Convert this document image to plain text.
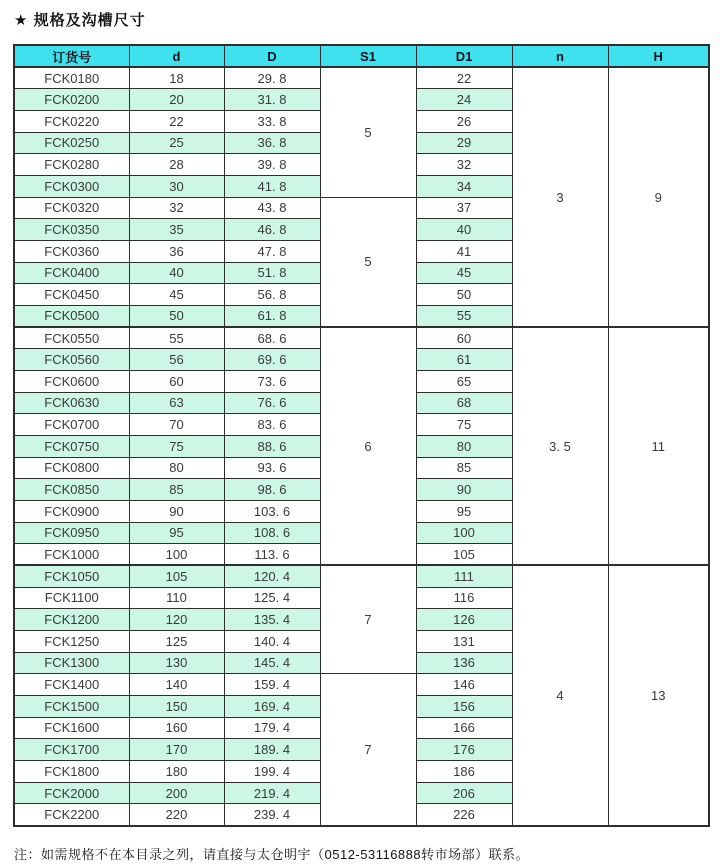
★ 规格及沟槽尺寸
订货号	d	D	S1	D1	n	H
FCK0180	18	29. 8	5	22	3	9
FCK0200	20	31. 8		24		
FCK0220	22	33. 8		26		
FCK0250	25	36. 8		29		
FCK0280	28	39. 8		32		
FCK0300	30	41. 8		34		
FCK0320	32	43. 8	5	37		
FCK0350	35	46. 8		40		
FCK0360	36	47. 8		41		
FCK0400	40	51. 8		45		
FCK0450	45	56. 8		50		
FCK0500	50	61. 8		55		
FCK0550	55	68. 6	6	60	3. 5	11
FCK0560	56	69. 6		61		
FCK0600	60	73. 6		65		
FCK0630	63	76. 6		68		
FCK0700	70	83. 6		75		
FCK0750	75	88. 6		80		
FCK0800	80	93. 6		85		
FCK0850	85	98. 6		90		
FCK0900	90	103. 6		95		
FCK0950	95	108. 6		100		
FCK1000	100	113. 6		105		
FCK1050	105	120. 4	7	111	4	13
FCK1100	110	125. 4		116		
FCK1200	120	135. 4		126		
FCK1250	125	140. 4		131		
FCK1300	130	145. 4		136		
FCK1400	140	159. 4	7	146		
FCK1500	150	169. 4		156		
FCK1600	160	179. 4		166		
FCK1700	170	189. 4		176		
FCK1800	180	199. 4		186		
FCK2000	200	219. 4		206		
FCK2200	220	239. 4		226		
注：如需规格不在本目录之列，请直接与太仓明宇（0512-53116888转市场部）联系。
